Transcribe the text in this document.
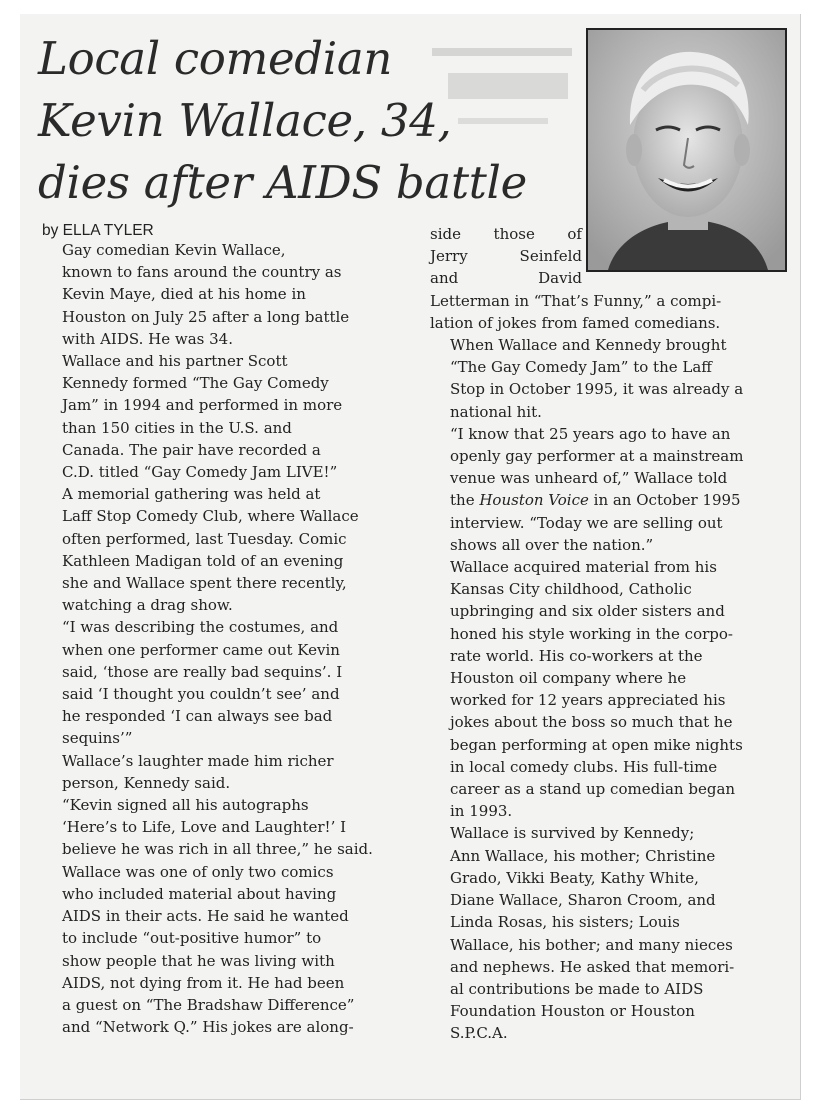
Local comedian
Kevin Wallace, 34,
dies after AIDS battle
by ELLA TYLER

Gay comedian Kevin Wallace,
known to fans around the country as
Kevin Maye, died at his home in
Houston on July 25 after a long battle
with AIDS. He was 34.

Wallace and his partner Scott
Kennedy formed “The Gay Comedy
Jam” in 1994 and performed in more
than 150 cities in the U.S. and
Canada. The pair have recorded a
C.D. titled “Gay Comedy Jam LIVE!”

A memorial gathering was held at
Laff Stop Comedy Club, where Wallace
often performed, last Tuesday. Comic
Kathleen Madigan told of an evening
she and Wallace spent there recently,
watching a drag show.

“I was describing the costumes, and
when one performer came out Kevin
said, ‘those are really bad sequins’. I
said ‘I thought you couldn’t see’ and
he responded ‘I can always see bad
sequins’”

Wallace’s laughter made him richer
person, Kennedy said.

“Kevin signed all his autographs
‘Here’s to Life, Love and Laughter!’ I
believe he was rich in all three,” he said.

Wallace was one of only two comics
who included material about having
AIDS in their acts. He said he wanted
to include “out-positive humor” to
show people that he was living with
AIDS, not dying from it. He had been
a guest on “The Bradshaw Difference”
and “Network Q.” His jokes are along-

side those of
Jerry	Seinfeld
and	David

Letterman in “That’s Funny,” a compi-
lation of jokes from famed comedians.

When Wallace and Kennedy brought
“The Gay Comedy Jam” to the Laff
Stop in October 1995, it was already a
national hit.

“I know that 25 years ago to have an
openly gay performer at a mainstream
venue was unheard of,” Wallace told
the Houston Voice in an October 1995
interview. “Today we are selling out
shows all over the nation.”

Wallace acquired material from his
Kansas City childhood, Catholic
upbringing and six older sisters and
honed his style working in the corpo-
rate world. His co-workers at the
Houston oil company where he
worked for 12 years appreciated his
jokes about the boss so much that he
began performing at open mike nights
in local comedy clubs. His full-time
career as a stand up comedian began
in 1993.

Wallace is survived by Kennedy;
Ann Wallace, his mother; Christine
Grado, Vikki Beaty, Kathy White,
Diane Wallace, Sharon Croom, and
Linda Rosas, his sisters; Louis
Wallace, his bother; and many nieces
and nephews. He asked that memori-
al contributions be made to AIDS
Foundation Houston or Houston
S.P.C.A.
